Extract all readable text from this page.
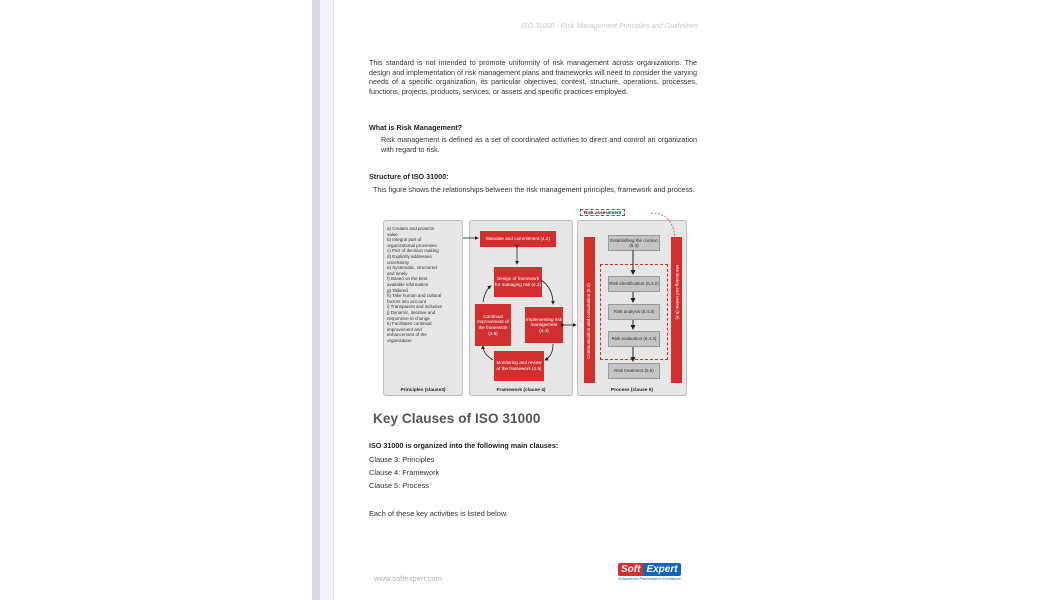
ISO 31000 - Risk Management Principles and Guidelines

This standard is not intended to promote uniformity of risk management across organizations. The design and implementation of risk management plans and frameworks will need to consider the varying needs of a specific organization, its particular objectives, context, structure, operations, processes, functions, projects, products, services, or assets and specific practices employed.

What is Risk Management?

Risk management is defined as a set of coordinated activities to direct and control an organization with regard to risk.

Structure of ISO 31000:

This figure shows the relationships between the risk management principles, framework and process.

a) Creates and protects
value
b) Integral part of
organizational processes
c) Part of decision making
d) Explicitly addresses
uncertainty
e) Systematic, structured
and timely
f) Based on the best
available information
g) Tailored
h) Take human and cultural
factors into account
i) Transparent and inclusive
j) Dynamic, iterative and
responsive to change
k) Facilitates continual
improvement and
enhancement of the
organization
Principles (clause3)
Mandate and commitment (4.2)
Design of framework for managing risk (4.3)
Continual improvement of the framework (4.6)
Implementing risk management (4.4)
Monitoring and review of the framework (4.5)
Framework (clause 4)
Communication and consultation (5.2)	Monitoring and review (5.6)
Establishing the context (5.3)
Risk identification (5.4.2)
Risk analysis (5.4.3)
Risk evaluation (5.4.4)
Risk treatment (5.5)
Process (clause 5)
Risk assessment
Key Clauses of ISO 31000
ISO 31000 is organized into the following main clauses:
Clause 3: Principles
Clause 4: Framework
Clause 5: Process
Each of these key activities is listed below.
www.softexpert.com
Soft Expert
Software for Performance Excellence
